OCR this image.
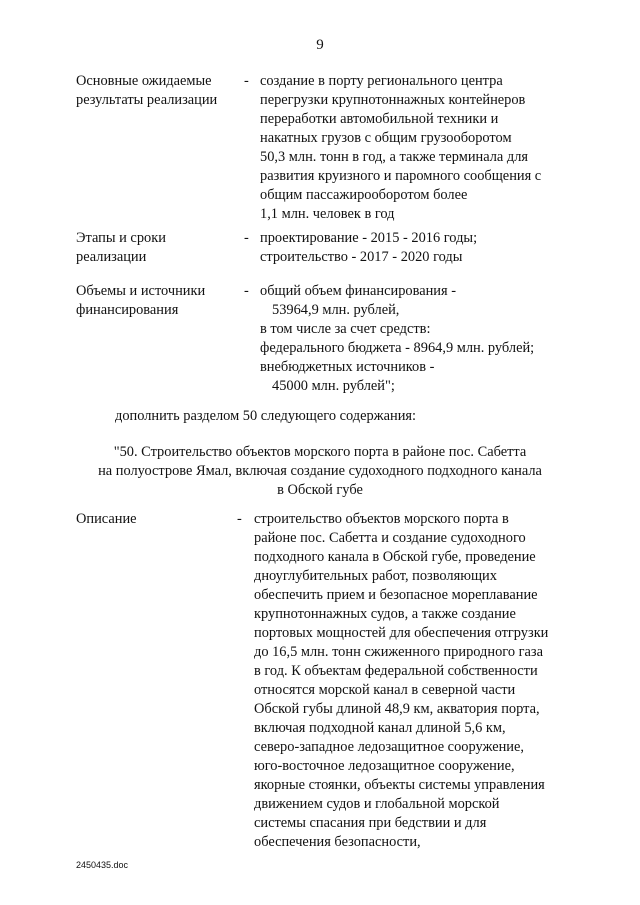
9
Основные ожидаемые
результаты реализации
- создание в порту регионального центра
перегрузки крупнотоннажных контейнеров
переработки автомобильной техники и
накатных грузов с общим грузооборотом
50,3 млн. тонн в год, а также терминала для
развития круизного и паромного сообщения с
общим пассажирооборотом более
1,1 млн. человек в год
Этапы и сроки
реализации
- проектирование - 2015 - 2016 годы;
строительство - 2017 - 2020 годы
Объемы и источники
финансирования
- общий объем финансирования -
53964,9 млн. рублей,
в том числе за счет средств:
федерального бюджета - 8964,9 млн. рублей;
внебюджетных источников -
45000 млн. рублей";
дополнить разделом 50 следующего содержания:
"50. Строительство объектов морского порта в районе пос. Сабетта
на полуострове Ямал, включая создание судоходного подходного канала
в Обской губе
Описание	- строительство объектов морского порта в
районе пос. Сабетта и создание судоходного
подходного канала в Обской губе, проведение
дноуглубительных работ, позволяющих
обеспечить прием и безопасное мореплавание
крупнотоннажных судов, а также создание
портовых мощностей для обеспечения отгрузки
до 16,5 млн. тонн сжиженного природного газа
в год. К объектам федеральной собственности
относятся морской канал в северной части
Обской губы длиной 48,9 км, акватория порта,
включая подходной канал длиной 5,6 км,
северо-западное ледозащитное сооружение,
юго-восточное ледозащитное сооружение,
якорные стоянки, объекты системы управления
движением судов и глобальной морской
системы спасания при бедствии и для
обеспечения безопасности,
2450435.doc
